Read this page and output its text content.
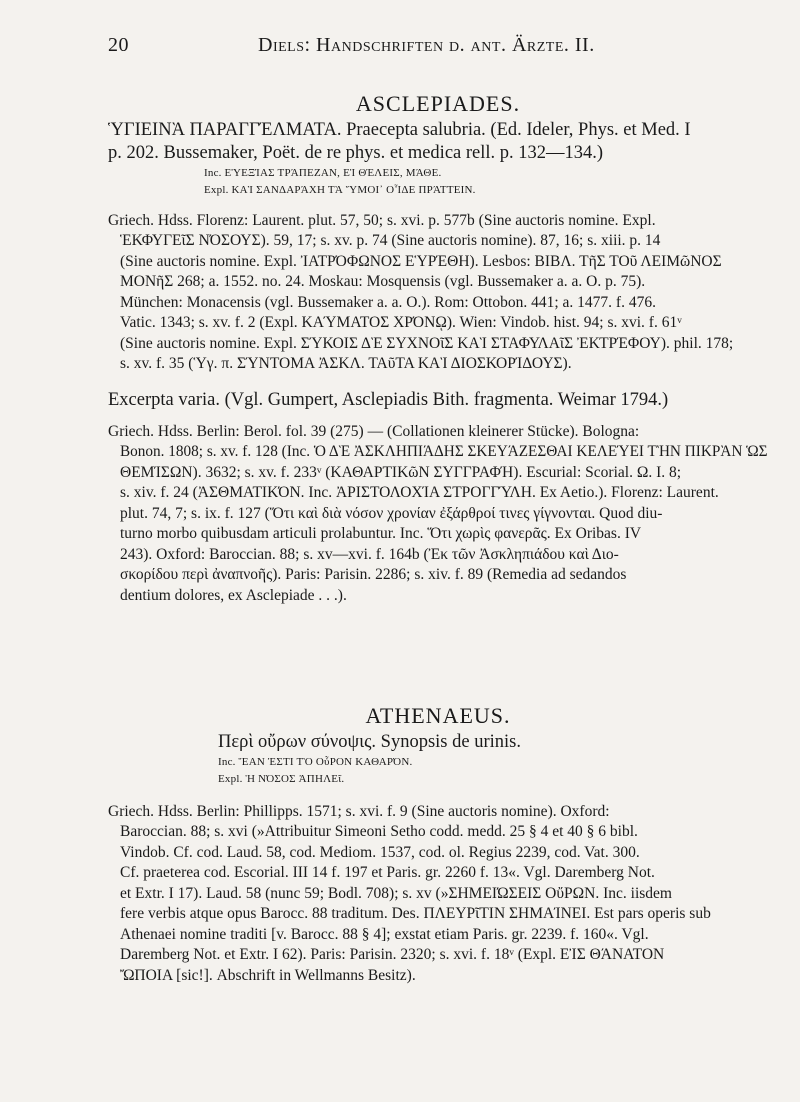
20	Diels: Handschriften d. ant. Ärzte. II.
ASCLEPIADES.

ὙΓΙΕΙΝᾺ ΠΑΡΑΓΓΈΛΜΑΤΑ. Praecepta salubria. (Ed. Ideler, Phys. et Med. I

p. 202. Bussemaker, Poët. de re phys. et medica rell. p. 132—134.)

Inc. ΕὙΕΞΊΑΣ ΤΡΆΠΕΖΑΝ, ΕἸ ΘΈΛΕΙΣ, ΜΆΘΕ.

Expl. ΚΑῚ ΣΑΝΔΑΡΆΧΗ ΤᾺ ὝΜΟΙ᾽ ΟἾΔΕ ΠΡΆΤΤΕΙΝ.

Griech. Hdss. Florenz: Laurent. plut. 57, 50; s. xvi. p. 577b (Sine auctoris nomine. Expl.

ἙΚΦΥΓΕῖΣ ΝΌΣΟΥΣ). 59, 17; s. xv. p. 74 (Sine auctoris nomine). 87, 16; s. xiii. p. 14

(Sine auctoris nomine. Expl. ἸΑΤΡΌΦΩΝΟΣ ΕὙΡΈΘΗ). Lesbos: ΒΙΒΛ. ΤῆΣ ΤΟῦ ΛΕΙΜῶΝΟΣ

ΜΟΝῆΣ 268; a. 1552. no. 24. Moskau: Mosquensis (vgl. Bussemaker a. a. O. p. 75).

München: Monacensis (vgl. Bussemaker a. a. O.). Rom: Ottobon. 441; a. 1477. f. 476.

Vatic. 1343; s. xv. f. 2 (Expl. ΚΑΎΜΑΤΟΣ ΧΡΌΝῼ). Wien: Vindob. hist. 94; s. xvi. f. 61ᵛ

(Sine auctoris nomine. Expl. ΣΎΚΟΙΣ ΔῈ ΣΥΧΝΟῖΣ ΚΑῚ ΣΤΑΦΥΛΑῖΣ ἘΚΤΡΈΦΟΥ). phil. 178;

s. xv. f. 35 (Ὑγ. π. ΣΎΝΤΟΜΑ ἈΣΚΛ. ΤΑῦΤΑ ΚΑῚ ΔΙΟΣΚΟΡΊΔΟΥΣ).

Excerpta varia. (Vgl. Gumpert, Asclepiadis Bith. fragmenta. Weimar 1794.)

Griech. Hdss. Berlin: Berol. fol. 39 (275) — (Collationen kleinerer Stücke). Bologna:

Bonon. 1808; s. xv. f. 128 (Inc. Ὁ ΔῈ ἈΣΚΛΗΠΙΆΔΗΣ ΣΚΕΥΆΖΕΣΘΑΙ ΚΕΛΕΎΕΙ ΤῊΝ ΠΙΚΡᾺΝ ὩΣ

ΘΕΜΊΣΩΝ). 3632; s. xv. f. 233ᵛ (ΚΑΘΑΡΤΙΚῶΝ ΣΥΓΓΡΑΦΉ). Escurial: Scorial. Ω. I. 8;

s. xiv. f. 24 (ἈΣΘΜΑΤΙΚΌΝ. Inc. ἈΡΙΣΤΟΛΟΧΊΑ ΣΤΡΟΓΓΎΛΗ. Ex Aetio.). Florenz: Laurent.

plut. 74, 7; s. ix. f. 127 (Ὅτι καὶ διὰ νόσον χρονίαν ἐξάρθροί τινες γίγνονται. Quod diu-

turno morbo quibusdam articuli prolabuntur. Inc. Ὅτι χωρὶς φανερᾶς. Ex Oribas. IV

243). Oxford: Baroccian. 88; s. xv—xvi. f. 164b (Ἐκ τῶν Ἀσκληπιάδου καὶ Διο-

σκορίδου περὶ ἀναπνοῆς). Paris: Parisin. 2286; s. xiv. f. 89 (Remedia ad sedandos

dentium dolores, ex Asclepiade . . .).

ATHENAEUS.

Περὶ οὔρων σύνοψις. Synopsis de urinis.

Inc. ἝΑΝ ἘΣΤΙ ΤῸ ΟὖΡΟΝ ΚΑΘΑΡΌΝ.

Expl. Ἡ ΝΌΣΟΣ ἈΠΗΛΕῖ.

Griech. Hdss. Berlin: Phillipps. 1571; s. xvi. f. 9 (Sine auctoris nomine). Oxford:

Baroccian. 88; s. xvi (»Attribuitur Simeoni Setho codd. medd. 25 § 4 et 40 § 6 bibl.

Vindob. Cf. cod. Laud. 58, cod. Mediom. 1537, cod. ol. Regius 2239, cod. Vat. 300.

Cf. praeterea cod. Escorial. III 14 f. 197 et Paris. gr. 2260 f. 13«. Vgl. Daremberg Not.

et Extr. I 17). Laud. 58 (nunc 59; Bodl. 708); s. xv (»ΣΗΜΕΙΏΣΕΙΣ ΟὔΡΩΝ. Inc. iisdem

fere verbis atque opus Barocc. 88 traditum. Des. ΠΛΕΥΡῖΤΙΝ ΣΗΜΑΊΝΕΙ. Est pars operis sub

Athenaei nomine traditi [v. Barocc. 88 § 4]; exstat etiam Paris. gr. 2239. f. 160«. Vgl.

Daremberg Not. et Extr. I 62). Paris: Parisin. 2320; s. xvi. f. 18ᵛ (Expl. ΕἸΣ ΘΆΝΑΤΟΝ

ὬΠΟΙΑ [sic!]. Abschrift in Wellmanns Besitz).
